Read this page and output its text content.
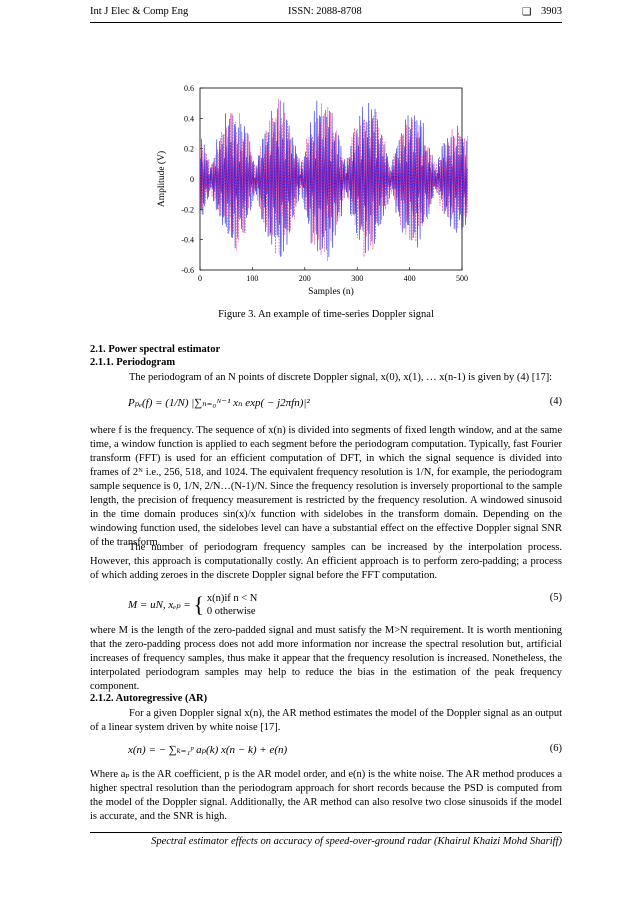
Int J Elec & Comp Eng	ISSN: 2088-8708	❏ 3903
0.6
0.4
0.2
0
-0.2
-0.4
-0.6
0	100	200	300	400	500
Samples (n)
Amplitude (V)
Figure 3. An example of time-series Doppler signal
2.1. Power spectral estimator
2.1.1. Periodogram

The periodogram of an N points of discrete Doppler signal, x(0), x(1), … x(n-1) is given by (4) [17]:

Pₚₑ(f) = (1/N) |∑ₙ₌₀ᴺ⁻¹ xₙ exp( − j2πfn)|²	(4)

where f is the frequency. The sequence of x(n) is divided into segments of fixed length window, and at the same time, a window function is applied to each segment before the periodogram computation. Typically, fast Fourier transform (FFT) is used for an efficient computation of DFT, in which the signal sequence is divided into frames of 2ᴺ i.e., 256, 518, and 1024. The equivalent frequency resolution is 1/N, for example, the periodogram sample sequence is 0, 1/N, 2/N…(N-1)/N. Since the frequency resolution is inversely proportional to the sample length, the precision of frequency measurement is restricted by the frequency resolution. A windowed sinusoid in the time domain produces sin(x)/x function with sidelobes in the transform domain. Depending on the windowing function used, the sidelobes level can have a substantial effect on the effective Doppler signal SNR of the transform.

The number of periodogram frequency samples can be increased by the interpolation process. However, this approach is computationally costly. An efficient approach is to perform zero-padding; a process of which adding zeroes in the discrete Doppler signal before the FFT computation.

M = uN, xₑₚ = { x(n)if n < N
0 otherwise
(5)

where M is the length of the zero-padded signal and must satisfy the M>N requirement. It is worth mentioning that the zero-padding process does not add more information nor increase the spectral resolution but, artificial increases of frequency samples, thus make it appear that the frequency resolution is increased. Nonetheless, the interpolated periodogram samples may help to reduce the bias in the estimation of the peak frequency component.

2.1.2. Autoregressive (AR)

For a given Doppler signal x(n), the AR method estimates the model of the Doppler signal as an output of a linear system driven by white noise [17].

x(n) = − ∑ₖ₌₁ᵖ aₚ(k) x(n − k) + e(n)	(6)

Where aₚ is the AR coefficient, p is the AR model order, and e(n) is the white noise. The AR method produces a higher spectral resolution than the periodogram approach for short records because the PSD is computed from the model of the Doppler signal. Additionally, the AR method can also resolve two close sinusoids if the model is accurate, and the SNR is high.

Spectral estimator effects on accuracy of speed-over-ground radar (Khairul Khaizi Mohd Shariff)
